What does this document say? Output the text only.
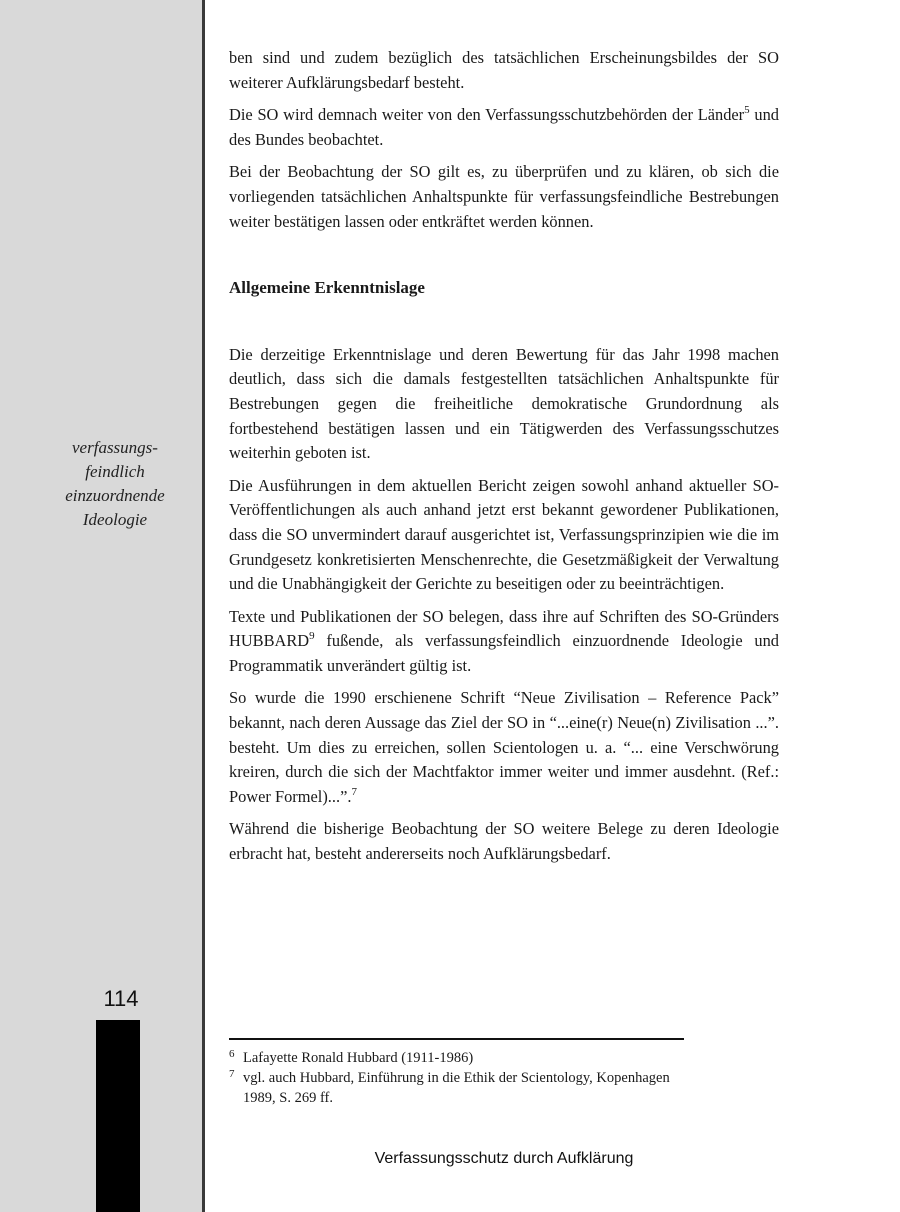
verfassungs-
feindlich
einzuordnende
Ideologie
114

ben sind und zudem bezüglich des tatsächlichen Erscheinungsbildes der SO weiterer Aufklärungsbedarf besteht.

Die SO wird demnach weiter von den Verfassungsschutzbehörden der Länder$^5$ und des Bundes beobachtet.

Bei der Beobachtung der SO gilt es, zu überprüfen und zu klären, ob sich die vorliegenden tatsächlichen Anhaltspunkte für verfassungsfeindliche Bestrebungen weiter bestätigen lassen oder entkräftet werden können.

Allgemeine Erkenntnislage

Die derzeitige Erkenntnislage und deren Bewertung für das Jahr 1998 machen deutlich, dass sich die damals festgestellten tatsächlichen Anhaltspunkte für Bestrebungen gegen die freiheitliche demokratische Grundordnung als fortbestehend bestätigen lassen und ein Tätigwerden des Verfassungsschutzes weiterhin geboten ist.

Die Ausführungen in dem aktuellen Bericht zeigen sowohl anhand aktueller SO-Veröffentlichungen als auch anhand jetzt erst bekannt gewordener Publikationen, dass die SO unvermindert darauf ausgerichtet ist, Verfassungsprinzipien wie die im Grundgesetz konkretisierten Menschenrechte, die Gesetzmäßigkeit der Verwaltung und die Unabhängigkeit der Gerichte zu beseitigen oder zu beeinträchtigen.

Texte und Publikationen der SO belegen, dass ihre auf Schriften des SO-Gründers HUBBARD$^9$ fußende, als verfassungsfeindlich einzuordnende Ideologie und Programmatik unverändert gültig ist.

So wurde die 1990 erschienene Schrift “Neue Zivilisation – Reference Pack” bekannt, nach deren Aussage das Ziel der SO in “...eine(r) Neue(n) Zivilisation ...”. besteht. Um dies zu erreichen, sollen Scientologen u. a. “... eine Verschwörung kreiren, durch die sich der Machtfaktor immer weiter und immer ausdehnt. (Ref.: Power Formel)...”.$^7$

Während die bisherige Beobachtung der SO weitere Belege zu deren Ideologie erbracht hat, besteht andererseits noch Aufklärungsbedarf.

6 Lafayette Ronald Hubbard (1911-1986)

7 vgl. auch Hubbard, Einführung in die Ethik der Scientology, Kopenhagen 1989, S. 269 ff.

Verfassungsschutz durch Aufklärung
